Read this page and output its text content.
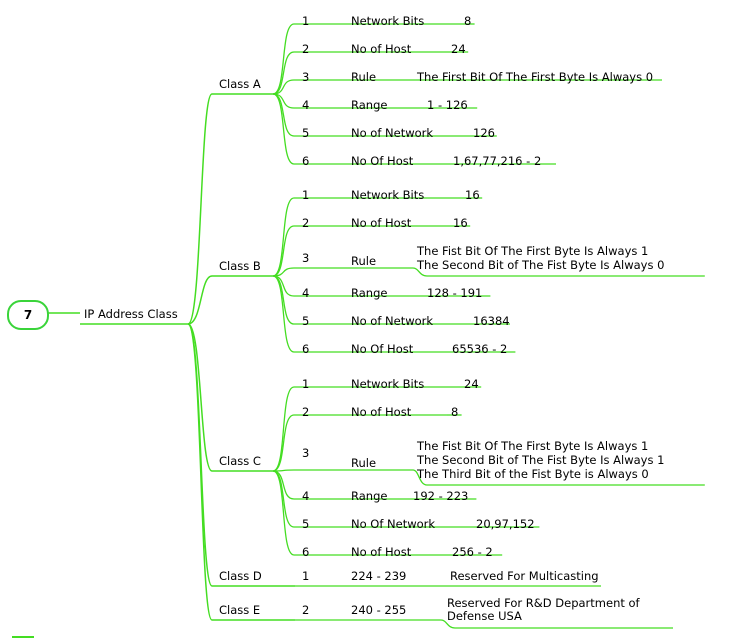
7	IP Address Class
Class A
1	Network Bits	8
2	No of Host	24
3	Rule	The First Bit Of The First Byte Is Always 0
4	Range	1 - 126
5	No of Network	126
6	No Of Host	1,67,77,216 - 2
Class B
1	Network Bits	16
2	No of Host	16
3	Rule
The Fist Bit Of The First Byte Is Always 1
The Second Bit of The Fist Byte Is Always 0
4	Range	128 - 191
5	No of Network	16384
6	No Of Host	65536 - 2
Class C
1	Network Bits	24
2	No of Host	8
3
Rule
The Fist Bit Of The First Byte Is Always 1
The Second Bit of The Fist Byte Is Always 1
The Third Bit of the Fist Byte is Always 0
4	Range 192 - 223
5	No Of Network	20,97,152
6	No of Host	256 - 2
Class D	1	224 - 239	Reserved For Multicasting
Class E	2	240 - 255	Reserved For R&D Department of
Defense USA
